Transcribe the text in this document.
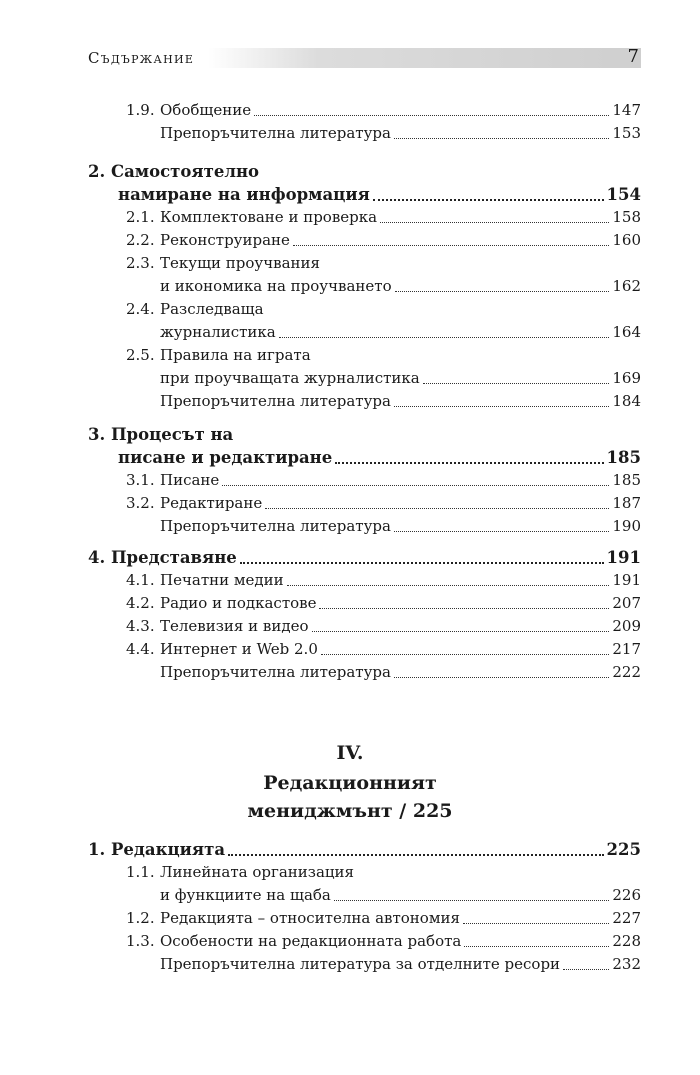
Съдържание	7
1.9. Обобщение	147
Препоръчителна литература	153
2. Самостоятелно
намиране на информация	154
2.1. Комплектоване и проверка	158
2.2. Реконструиране	160
2.3. Текущи проучвания
и икономика на проучването	162
2.4. Разследваща
журналистика	164
2.5. Правила на играта
при проучващата журналистика	169
Препоръчителна литература	184
3. Процесът на
писане и редактиране	185
3.1. Писане	185
3.2. Редактиране	187
Препоръчителна литература	190
4. Представяне	191
4.1. Печатни медии	191
4.2. Радио и подкастове	207
4.3. Телевизия и видео	209
4.4. Интернет и Web 2.0	217
Препоръчителна литература	222
IV.
Редакционният
мениджмънт / 225
1. Редакцията	225
1.1. Линейната организация
и функциите на щаба	226
1.2. Редакцията – относителна автономия	227
1.3. Особености на редакционната работа	228
Препоръчителна литература за отделните ресори	232
